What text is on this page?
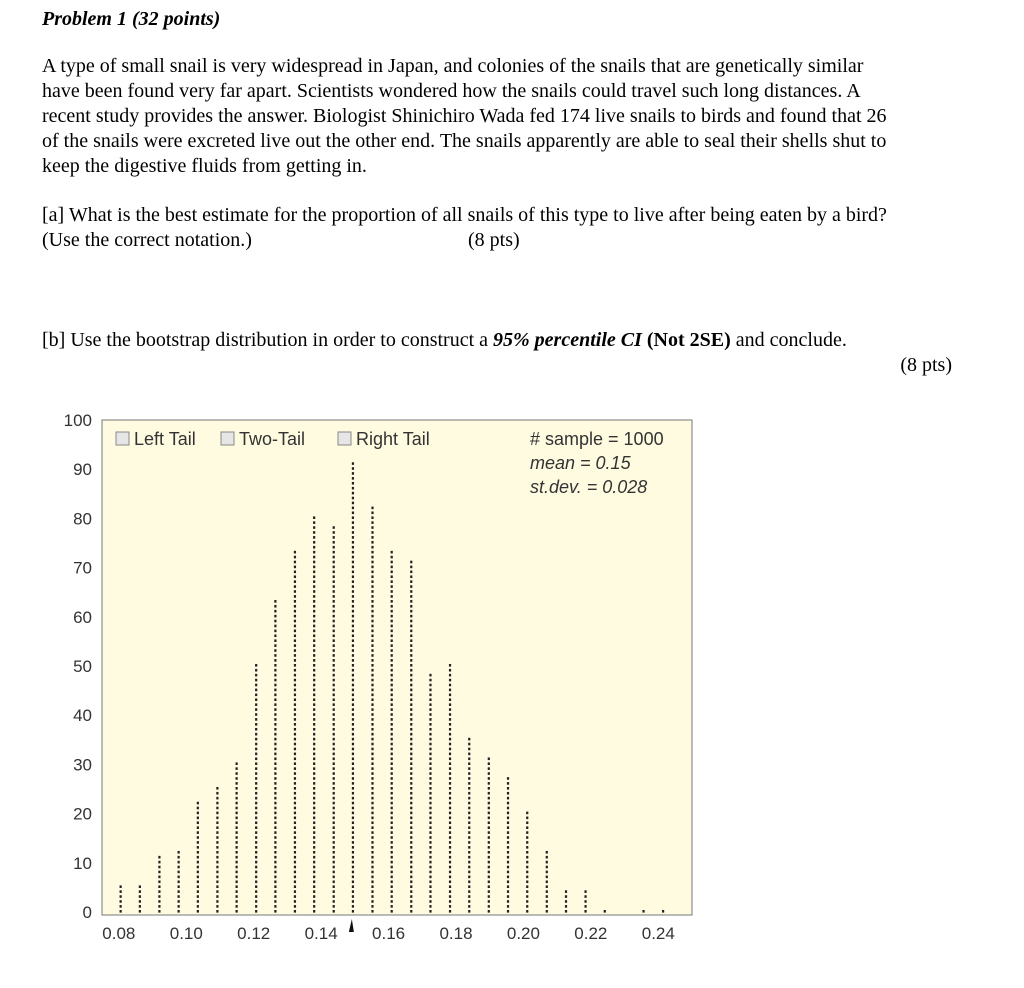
Problem 1 (32 points)
A type of small snail is very widespread in Japan, and colonies of the snails that are genetically similar
have been found very far apart. Scientists wondered how the snails could travel such long distances. A
recent study provides the answer. Biologist Shinichiro Wada fed 174 live snails to birds and found that 26
of the snails were excreted live out the other end. The snails apparently are able to seal their shells shut to
keep the digestive fluids from getting in.
[a] What is the best estimate for the proportion of all snails of this type to live after being eaten by a bird?
(Use the correct notation.)	(8 pts)
[b] Use the bootstrap distribution in order to construct a 95% percentile CI (Not 2SE) and conclude.
(8 pts)
0
10
20
30
40
50
60
70
80
90
100
0.08 0.10 0.12 0.14 0.16 0.18 0.20 0.22 0.24
Left Tail Two-Tail	Right Tail	# sample = 1000
mean = 0.15
st.dev. = 0.028
